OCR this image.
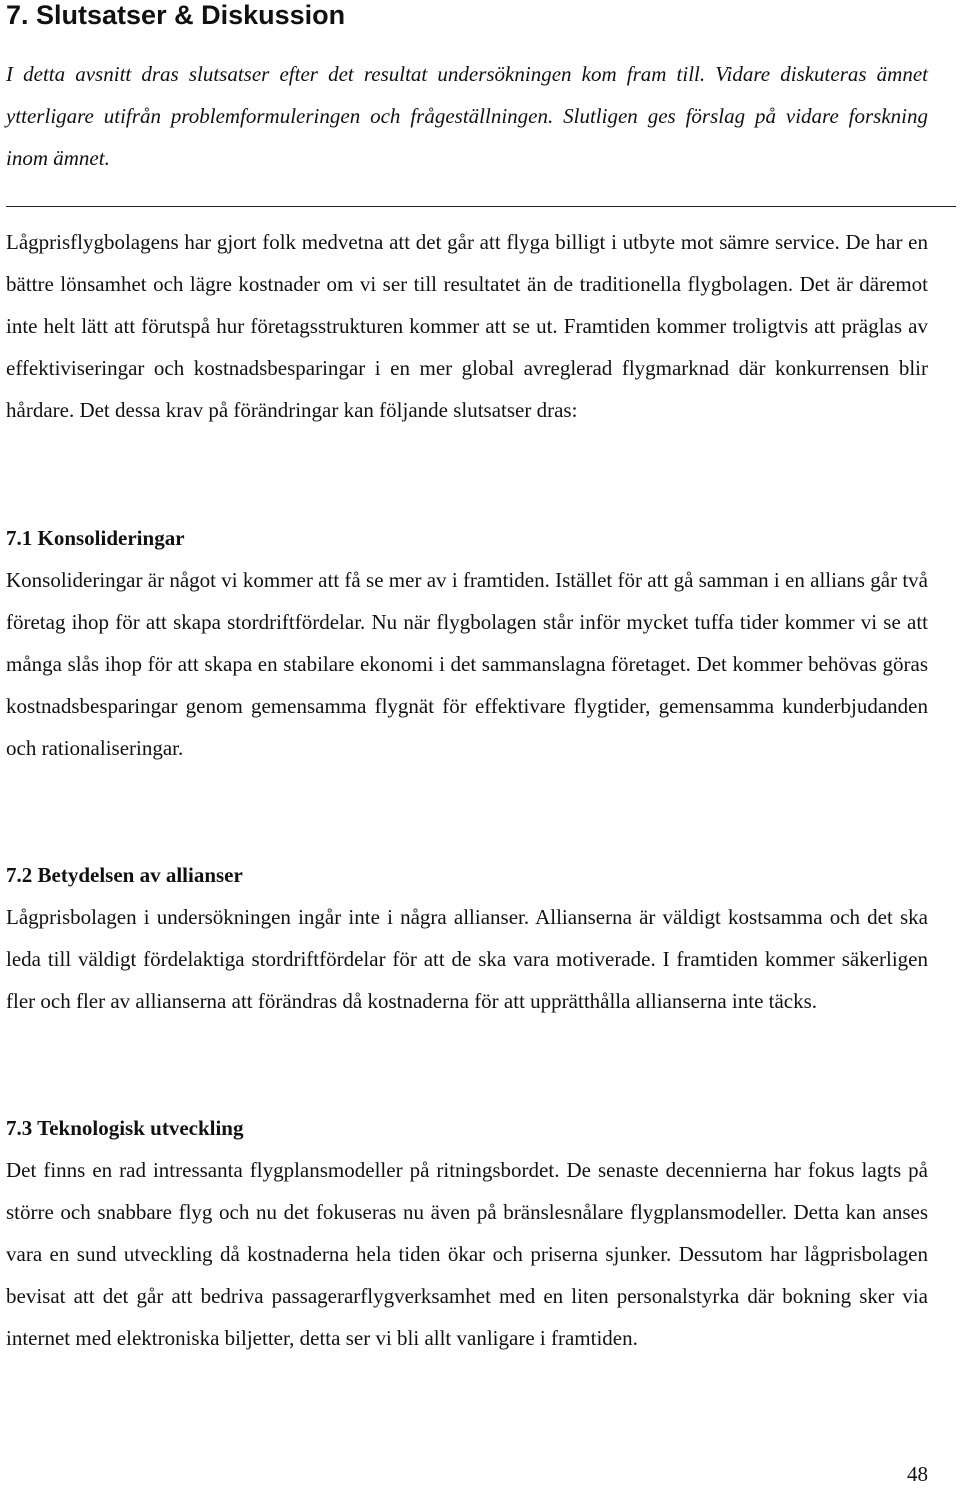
7. Slutsatser & Diskussion

I detta avsnitt dras slutsatser efter det resultat undersökningen kom fram till. Vidare diskuteras ämnet ytterligare utifrån problemformuleringen och frågeställningen. Slutligen ges förslag på vidare forskning inom ämnet.

Lågprisflygbolagens har gjort folk medvetna att det går att flyga billigt i utbyte mot sämre service. De har en bättre lönsamhet och lägre kostnader om vi ser till resultatet än de traditionella flygbolagen. Det är däremot inte helt lätt att förutspå hur företagsstrukturen kommer att se ut. Framtiden kommer troligtvis att präglas av effektiviseringar och kostnadsbesparingar i en mer global avreglerad flygmarknad där konkurrensen blir hårdare. Det dessa krav på förändringar kan följande slutsatser dras:

7.1 Konsolideringar

Konsolideringar är något vi kommer att få se mer av i framtiden. Istället för att gå samman i en allians går två företag ihop för att skapa stordriftfördelar. Nu när flygbolagen står inför mycket tuffa tider kommer vi se att många slås ihop för att skapa en stabilare ekonomi i det sammanslagna företaget. Det kommer behövas göras kostnadsbesparingar genom gemensamma flygnät för effektivare flygtider, gemensamma kunderbjudanden och rationaliseringar.

7.2 Betydelsen av allianser

Lågprisbolagen i undersökningen ingår inte i några allianser. Allianserna är väldigt kostsamma och det ska leda till väldigt fördelaktiga stordriftfördelar för att de ska vara motiverade. I framtiden kommer säkerligen fler och fler av allianserna att förändras då kostnaderna för att upprätthålla allianserna inte täcks.

7.3 Teknologisk utveckling

Det finns en rad intressanta flygplansmodeller på ritningsbordet. De senaste decennierna har fokus lagts på större och snabbare flyg och nu det fokuseras nu även på bränslesnålare flygplansmodeller. Detta kan anses vara en sund utveckling då kostnaderna hela tiden ökar och priserna sjunker. Dessutom har lågprisbolagen bevisat att det går att bedriva passagerarflygverksamhet med en liten personalstyrka där bokning sker via internet med elektroniska biljetter, detta ser vi bli allt vanligare i framtiden.

48
